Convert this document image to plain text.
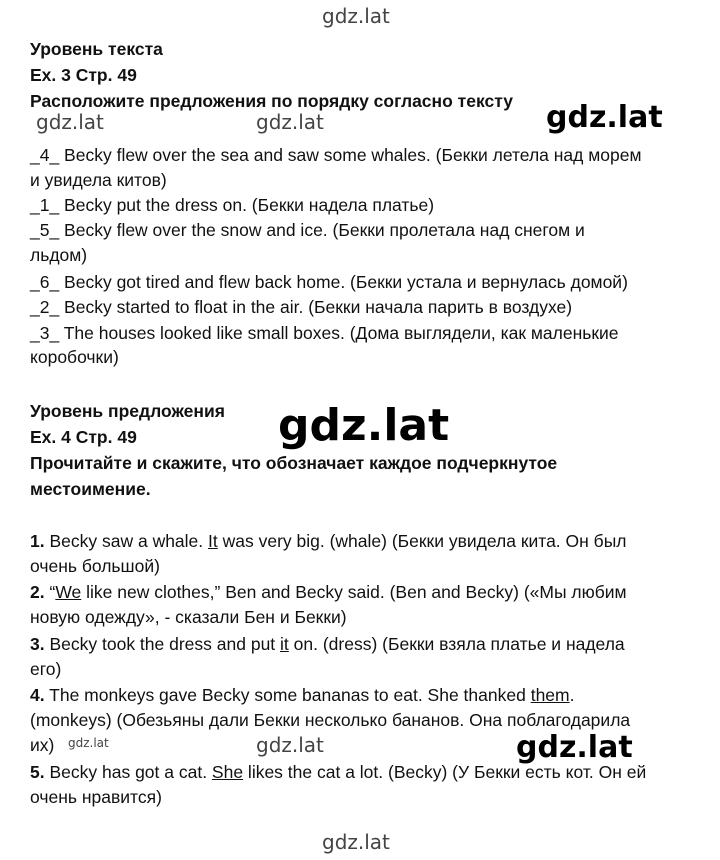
gdz.lat
gdz.lat	gdz.lat	gdz.lat
gdz.lat
gdz.lat	gdz.lat	gdz.lat
gdz.lat
Уровень текста
Ex. 3 Стр. 49
Расположите предложения по порядку согласно тексту
_4_ Becky flew over the sea and saw some whales. (Бекки летела над морем
и увидела китов)
_1_ Becky put the dress on. (Бекки надела платье)
_5_ Becky flew over the snow and ice. (Бекки пролетала над снегом и
льдом)
_6_ Becky got tired and flew back home. (Бекки устала и вернулась домой)
_2_ Becky started to float in the air. (Бекки начала парить в воздухе)
_3_ The houses looked like small boxes. (Дома выглядели, как маленькие
коробочки)
Уровень предложения
Ex. 4 Стр. 49
Прочитайте и скажите, что обозначает каждое подчеркнутое
местоимение.
1. Becky saw a whale. It was very big. (whale) (Бекки увидела кита. Он был
очень большой)
2. “We like new clothes,” Ben and Becky said. (Ben and Becky) («Мы любим
новую одежду», - сказали Бен и Бекки)
3. Becky took the dress and put it on. (dress) (Бекки взяла платье и надела
его)
4. The monkeys gave Becky some bananas to eat. She thanked them.
(monkeys) (Обезьяны дали Бекки несколько бананов. Она поблагодарила
их)
5. Becky has got a cat. She likes the cat a lot. (Becky) (У Бекки есть кот. Он ей
очень нравится)
